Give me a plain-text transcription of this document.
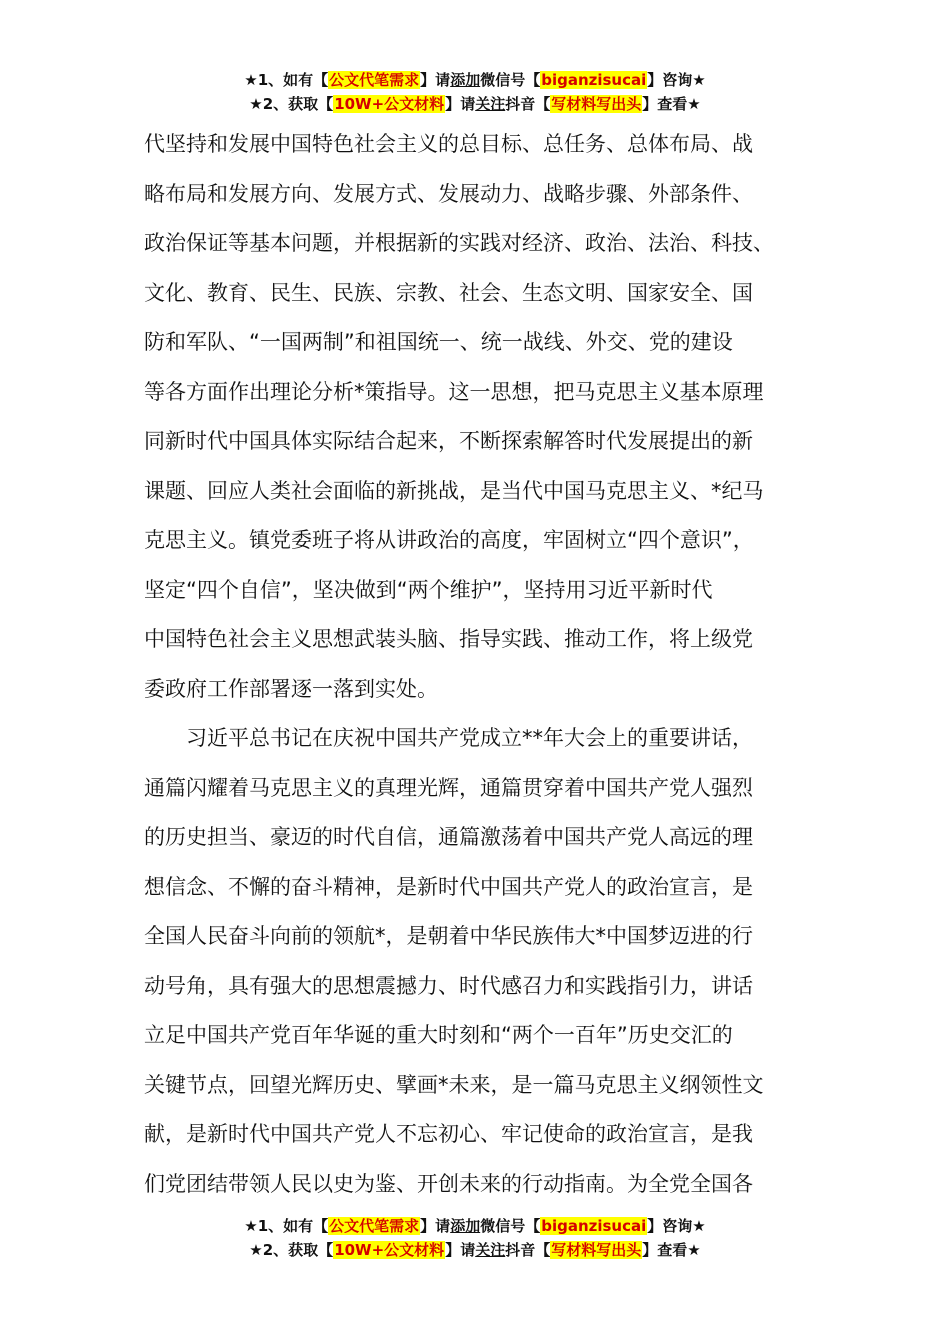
★1、如有【公文代笔需求】请添加微信号【biganzisucai】咨询★
★2、获取【10W+公文材料】请关注抖音【写材料写出头】查看★
代坚持和发展中国特色社会主义的总目标、总任务、总体布局、战
略布局和发展方向、发展方式、发展动力、战略步骤、外部条件、
政治保证等基本问题，并根据新的实践对经济、政治、法治、科技、
文化、教育、民生、民族、宗教、社会、生态文明、国家安全、国
防和军队、“一国两制”和祖国统一、统一战线、外交、党的建设
等各方面作出理论分析*策指导。这一思想，把马克思主义基本原理
同新时代中国具体实际结合起来，不断探索解答时代发展提出的新
课题、回应人类社会面临的新挑战，是当代中国马克思主义、*纪马
克思主义。镇党委班子将从讲政治的高度，牢固树立“四个意识”，
坚定“四个自信”，坚决做到“两个维护”，坚持用习近平新时代
中国特色社会主义思想武装头脑、指导实践、推动工作，将上级党
委政府工作部署逐一落到实处。
　　习近平总书记在庆祝中国共产党成立**年大会上的重要讲话，
通篇闪耀着马克思主义的真理光辉，通篇贯穿着中国共产党人强烈
的历史担当、豪迈的时代自信，通篇激荡着中国共产党人高远的理
想信念、不懈的奋斗精神，是新时代中国共产党人的政治宣言，是
全国人民奋斗向前的领航*，是朝着中华民族伟大*中国梦迈进的行
动号角，具有强大的思想震撼力、时代感召力和实践指引力，讲话
立足中国共产党百年华诞的重大时刻和“两个一百年”历史交汇的
关键节点，回望光辉历史、擘画*未来，是一篇马克思主义纲领性文
献，是新时代中国共产党人不忘初心、牢记使命的政治宣言，是我
们党团结带领人民以史为鉴、开创未来的行动指南。为全党全国各
★1、如有【公文代笔需求】请添加微信号【biganzisucai】咨询★
★2、获取【10W+公文材料】请关注抖音【写材料写出头】查看★
